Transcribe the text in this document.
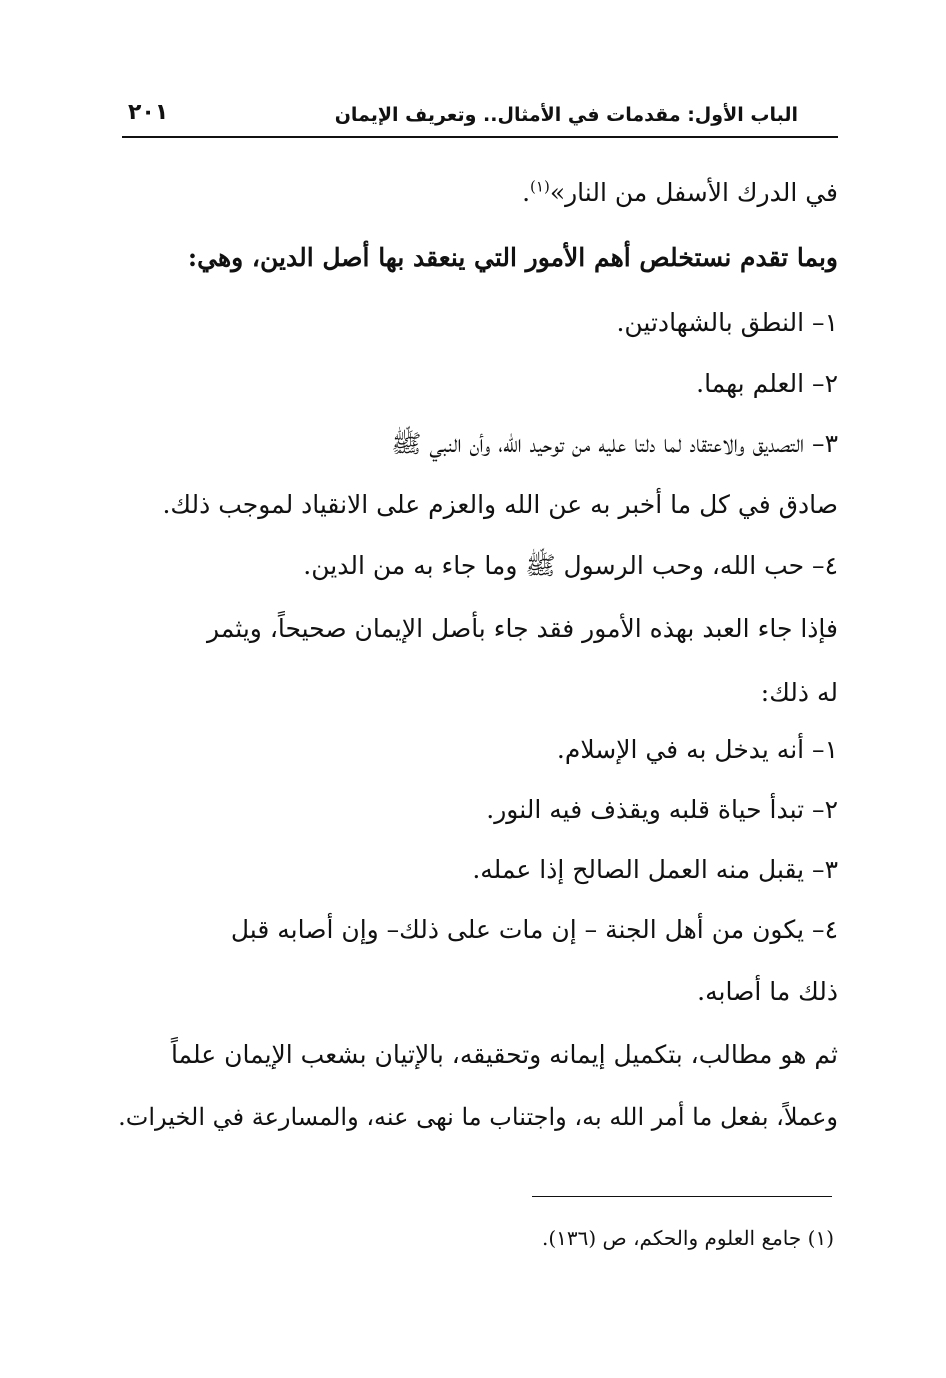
الباب الأول: مقدمات في الأمثال.. وتعريف الإيمان
٢٠١
في الدرك الأسفل من النار»$^{(١)}$.
وبما تقدم نستخلص أهم الأمور التي ينعقد بها أصل الدين، وهي:
١– النطق بالشهادتين.
٢– العلم بهما.
٣– التصديق والاعتقاد لما دلتا عليه من توحيد الله، وأن النبي ﷺ
صادق في كل ما أخبر به عن الله والعزم على الانقياد لموجب ذلك.
٤– حب الله، وحب الرسول ﷺ وما جاء به من الدين.
فإذا جاء العبد بهذه الأمور فقد جاء بأصل الإيمان صحيحاً، ويثمر
له ذلك:
١– أنه يدخل به في الإسلام.
٢– تبدأ حياة قلبه ويقذف فيه النور.
٣– يقبل منه العمل الصالح إذا عمله.
٤– يكون من أهل الجنة – إن مات على ذلك– وإن أصابه قبل
ذلك ما أصابه.
ثم هو مطالب، بتكميل إيمانه وتحقيقه، بالإتيان بشعب الإيمان علماً
وعملاً، بفعل ما أمر الله به، واجتناب ما نهى عنه، والمسارعة في الخيرات.
(١) جامع العلوم والحكم، ص (١٣٦).
